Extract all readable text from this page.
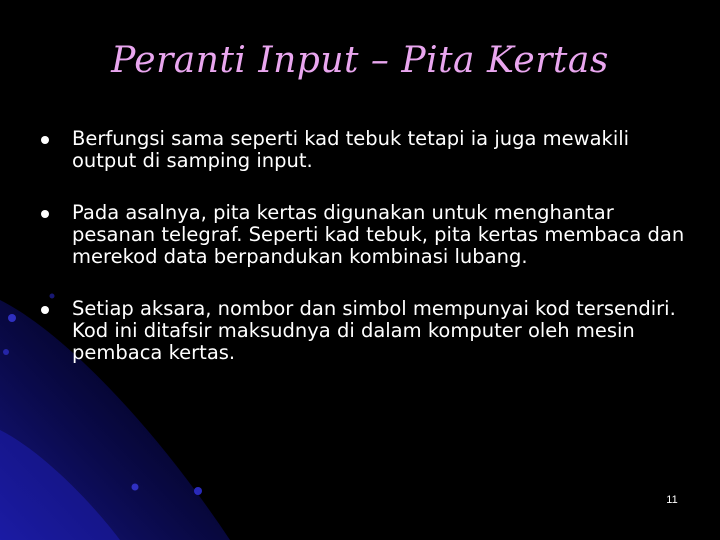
Peranti Input – Pita Kertas
Berfungsi sama seperti kad tebuk tetapi ia juga mewakili output di samping input.
Pada asalnya, pita kertas digunakan untuk menghantar pesanan telegraf. Seperti kad tebuk, pita kertas membaca dan merekod data berpandukan kombinasi lubang.
Setiap aksara, nombor dan simbol mempunyai kod tersendiri. Kod ini ditafsir maksudnya di dalam komputer oleh mesin pembaca kertas.
11
